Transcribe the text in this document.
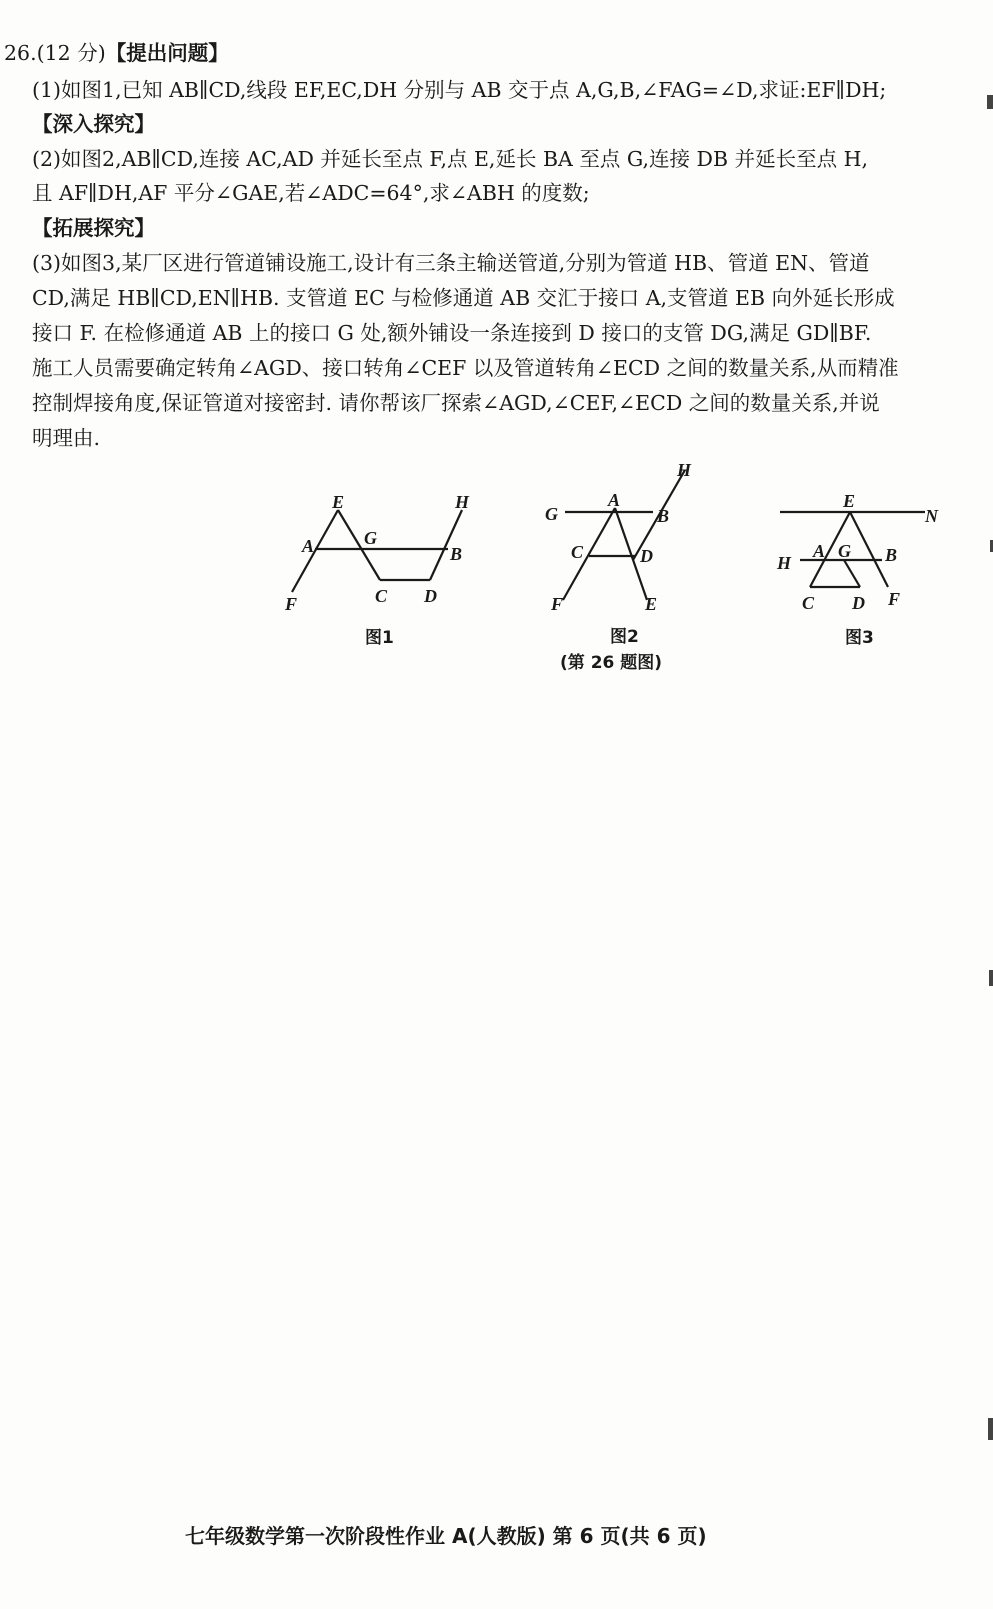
26.(12 分)【提出问题】
(1)如图1,已知 AB∥CD,线段 EF,EC,DH 分别与 AB 交于点 A,G,B,∠FAG=∠D,求证:EF∥DH;
【深入探究】
(2)如图2,AB∥CD,连接 AC,AD 并延长至点 F,点 E,延长 BA 至点 G,连接 DB 并延长至点 H,
且 AF∥DH,AF 平分∠GAE,若∠ADC=64°,求∠ABH 的度数;
【拓展探究】
(3)如图3,某厂区进行管道铺设施工,设计有三条主输送管道,分别为管道 HB、管道 EN、管道
CD,满足 HB∥CD,EN∥HB. 支管道 EC 与检修通道 AB 交汇于接口 A,支管道 EB 向外延长形成
接口 F. 在检修通道 AB 上的接口 G 处,额外铺设一条连接到 D 接口的支管 DG,满足 GD∥BF.
施工人员需要确定转角∠AGD、接口转角∠CEF 以及管道转角∠ECD 之间的数量关系,从而精准
控制焊接角度,保证管道对接密封. 请你帮该厂探索∠AGD,∠CEF,∠ECD 之间的数量关系,并说
明理由.
E	H
A	G
B
F	C D
图1
H
G
A
B
C	D
F	E
图2
E
N
H
A G B
C D F
图3
(第 26 题图)
七年级数学第一次阶段性作业 A(人教版) 第 6 页(共 6 页)
